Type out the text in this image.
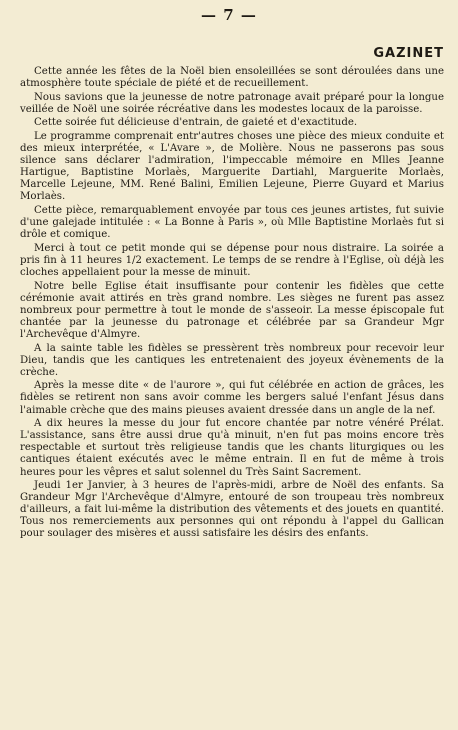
— 7 —
GAZINET

Cette année les fêtes de la Noël bien ensoleillées se sont déroulées dans une atmosphère toute spéciale de piété et de recueillement.

Nous savions que la jeunesse de notre patronage avait préparé pour la longue veillée de Noël une soirée récréative dans les modestes locaux de la paroisse.

Cette soirée fut délicieuse d'entrain, de gaieté et d'exactitude.

Le programme comprenait entr'autres choses une pièce des mieux conduite et des mieux interprétée, « L'Avare », de Molière. Nous ne passerons pas sous silence sans déclarer l'admiration, l'impeccable mémoire en Mlles Jeanne Hartigue, Baptistine Morlaès, Marguerite Dartiahl, Marguerite Morlaès, Marcelle Lejeune, MM. René Balini, Emilien Lejeune, Pierre Guyard et Marius Morlaès.

Cette pièce, remarquablement envoyée par tous ces jeunes artistes, fut suivie d'une galejade intitulée : « La Bonne à Paris », où Mlle Baptistine Morlaès fut si drôle et comique.

Merci à tout ce petit monde qui se dépense pour nous distraire. La soirée a pris fin à 11 heures 1/2 exactement. Le temps de se rendre à l'Eglise, où déjà les cloches appellaient pour la messe de minuit.

Notre belle Eglise était insuffisante pour contenir les fidèles que cette cérémonie avait attirés en très grand nombre. Les sièges ne furent pas assez nombreux pour permettre à tout le monde de s'asseoir. La messe épiscopale fut chantée par la jeunesse du patronage et célébrée par sa Grandeur Mgr l'Archevêque d'Almyre.

A la sainte table les fidèles se pressèrent très nombreux pour recevoir leur Dieu, tandis que les cantiques les entretenaient des joyeux évènements de la crèche.

Après la messe dite « de l'aurore », qui fut célébrée en action de grâces, les fidèles se retirent non sans avoir comme les bergers salué l'enfant Jésus dans l'aimable crèche que des mains pieuses avaient dressée dans un angle de la nef.

A dix heures la messe du jour fut encore chantée par notre vénéré Prélat. L'assistance, sans être aussi drue qu'à minuit, n'en fut pas moins encore très respectable et surtout très religieuse tandis que les chants liturgiques ou les cantiques étaient exécutés avec le même entrain. Il en fut de même à trois heures pour les vêpres et salut solennel du Très Saint Sacrement.

Jeudi 1er Janvier, à 3 heures de l'après-midi, arbre de Noël des enfants. Sa Grandeur Mgr l'Archevêque d'Almyre, entouré de son troupeau très nombreux d'ailleurs, a fait lui-même la distribution des vêtements et des jouets en quantité. Tous nos remerciements aux personnes qui ont répondu à l'appel du Gallican pour soulager des misères et aussi satisfaire les désirs des enfants.
